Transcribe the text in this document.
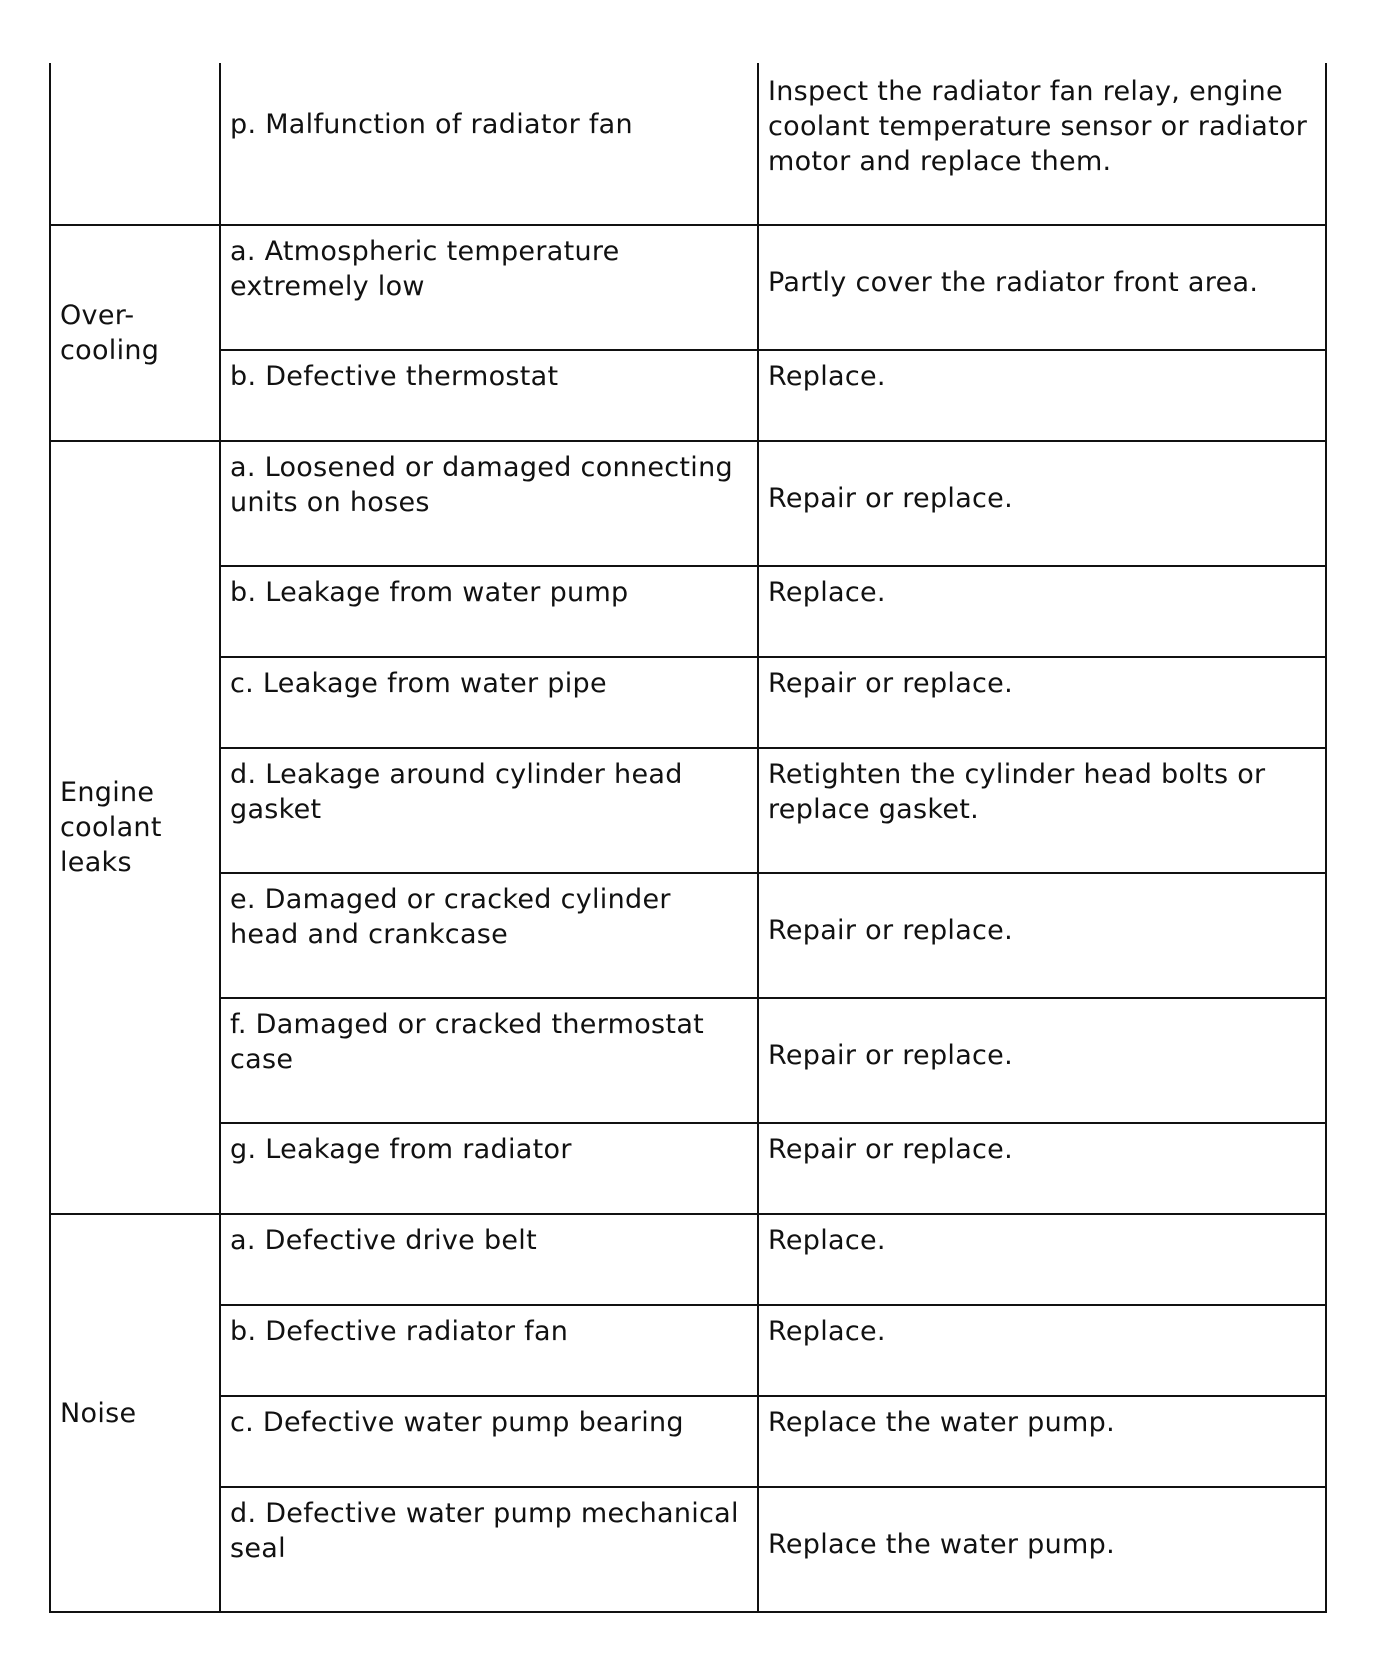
	p. Malfunction of radiator fan	Inspect the radiator fan relay, engine coolant temperature sensor or radiator motor and replace them.
Over-cooling	a. Atmospheric temperature extremely low	Partly cover the radiator front area.
	b. Defective thermostat	Replace.
Engine coolant leaks	a. Loosened or damaged connecting units on hoses	Repair or replace.
	b. Leakage from water pump	Replace.
	c. Leakage from water pipe	Repair or replace.
	d. Leakage around cylinder head gasket	Retighten the cylinder head bolts or replace gasket.
	e. Damaged or cracked cylinder head and crankcase	Repair or replace.
	f. Damaged or cracked thermostat case	Repair or replace.
	g. Leakage from radiator	Repair or replace.
Noise	a. Defective drive belt	Replace.
	b. Defective radiator fan	Replace.
	c. Defective water pump bearing	Replace the water pump.
	d. Defective water pump mechanical seal	Replace the water pump.
